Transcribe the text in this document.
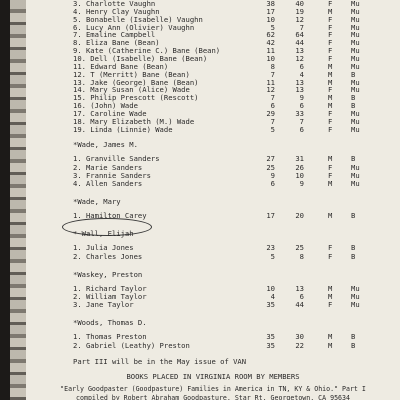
3. Charlotte Vaughn	38	40	F	Mu
4. Henry Clay Vaughn	17	19	M	Mu
5. Bonabelle (Isabelle) Vaughn	10	12	F	Mu
6. Lucy Ann (Olivier) Vaughn	5	7	F	Mu
7. Emaline Campbell	62	64	F	Mu
8. Eliza Bane (Bean)	42	44	F	Mu
9. Kate (Catherine C.) Bane (Bean)	11	13	F	Mu
10. Dell (Isabelle) Bane (Bean)	10	12	F	Mu
11. Edward Bane (Bean)	8	6	M	Mu
12. T (Merritt) Bane (Bean)	7	4	M	B
13. Jake (George) Bane (Bean)	11	13	M	Mu
14. Mary Susan (Alice) Wade	12	13	F	Mu
15. Philip Prescott (Rescott)	7	9	M	B
16. (John) Wade	6	6	M	B
17. Caroline Wade	29	33	F	Mu
18. Mary Elizabeth (M.) Wade	7	7	F	Mu
19. Linda (Linnie) Wade	5	6	F	Mu
*Wade, James M.
1. Granville Sanders	27	31	M	B
2. Marie Sanders	25	26	F	Mu
3. Frannie Sanders	9	10	F	Mu
4. Allen Sanders	6	9	M	Mu
*Wade, Mary
1. Hamilton Carey	17	20	M	B
* Wall, Elijah
1. Julia Jones	23	25	F	B
2. Charles Jones	5	8	F	B
*Waskey, Preston
1. Richard Taylor	10	13	M	Mu
2. William Taylor	4	6	M	Mu
3. Jane Taylor	35	44	F	Mu
*Woods, Thomas D.
1. Thomas Preston	35	30	M	B
2. Gabriel (Leathy) Preston	35	22	M	B
Part III will be in the May issue of VAN
BOOKS PLACED IN VIRGINIA ROOM BY MEMBERS
"Early Goodpaster (Goodpasture) Families in America in TN, KY & Ohio." Part I
compiled by Robert Abraham Goodpasture, Star Rt, Georgetown, CA 95634
